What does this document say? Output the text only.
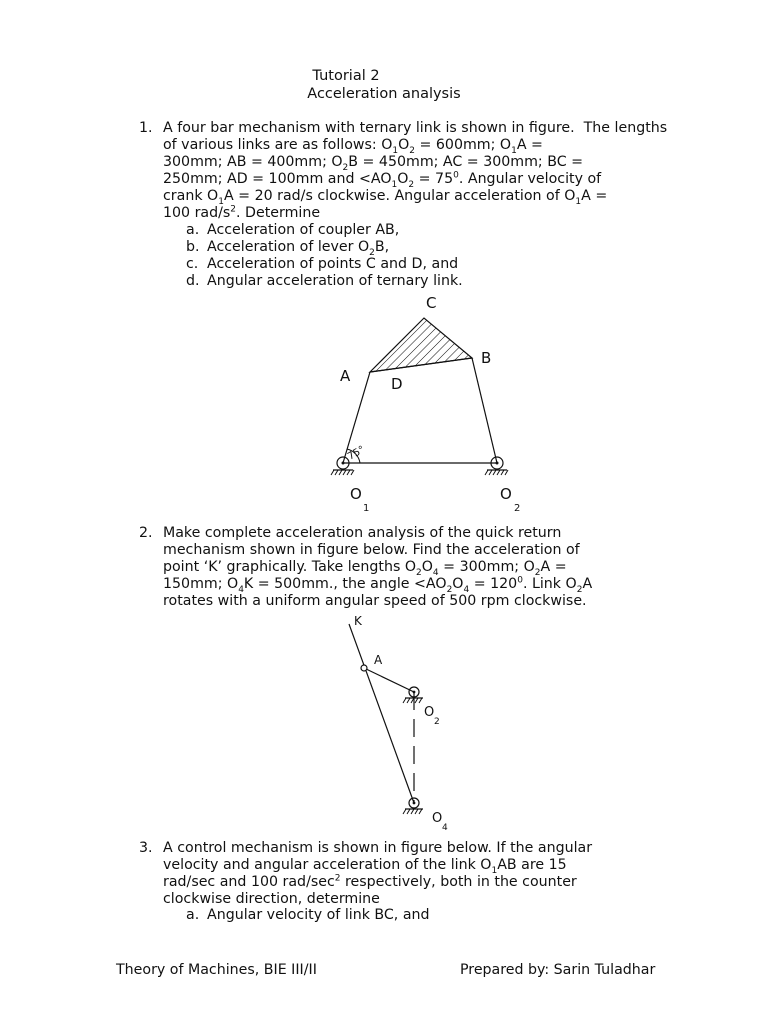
Tutorial 2
Acceleration analysis
1. A four bar mechanism with ternary link is shown in figure.  The lengths of various links are as follows: $O_1O_2 = 600mm$; $O_1A$ =
300mm; AB = 400mm; $O_2B = 450mm$; AC = 300mm; BC =
250mm; AD = 100mm and $<AO_1O_2 = 75^0$. Angular velocity of
crank $O_1A = 20$ rad/s clockwise. Angular acceleration of $O_1A$ =
100 rad/$s^2$. Determine
a. Acceleration of coupler AB,
b. Acceleration of lever $O_2B$,
c. Acceleration of points C and D, and
d. Angular acceleration of ternary link.
75°
C
A
B
D
O
1
O
2
2. Make complete acceleration analysis of the quick return
mechanism shown in figure below. Find the acceleration of
point ‘K’ graphically. Take lengths $O_2O_4 = 300mm$; $O_2A$ =
150mm; $O_4K = 500mm$., the angle $<AO_2O_4 = 120^0$. Link $O_2A$
rotates with a uniform angular speed of 500 rpm clockwise.
K
A
O
2
O
4
3. A control mechanism is shown in figure below. If the angular
velocity and angular acceleration of the link $O_1AB$ are 15
rad/sec and 100 rad/$\sec^2$ respectively, both in the counter
clockwise direction, determine
a. Angular velocity of link BC, and
Theory of Machines, BIE III/II	Prepared by: Sarin Tuladhar
